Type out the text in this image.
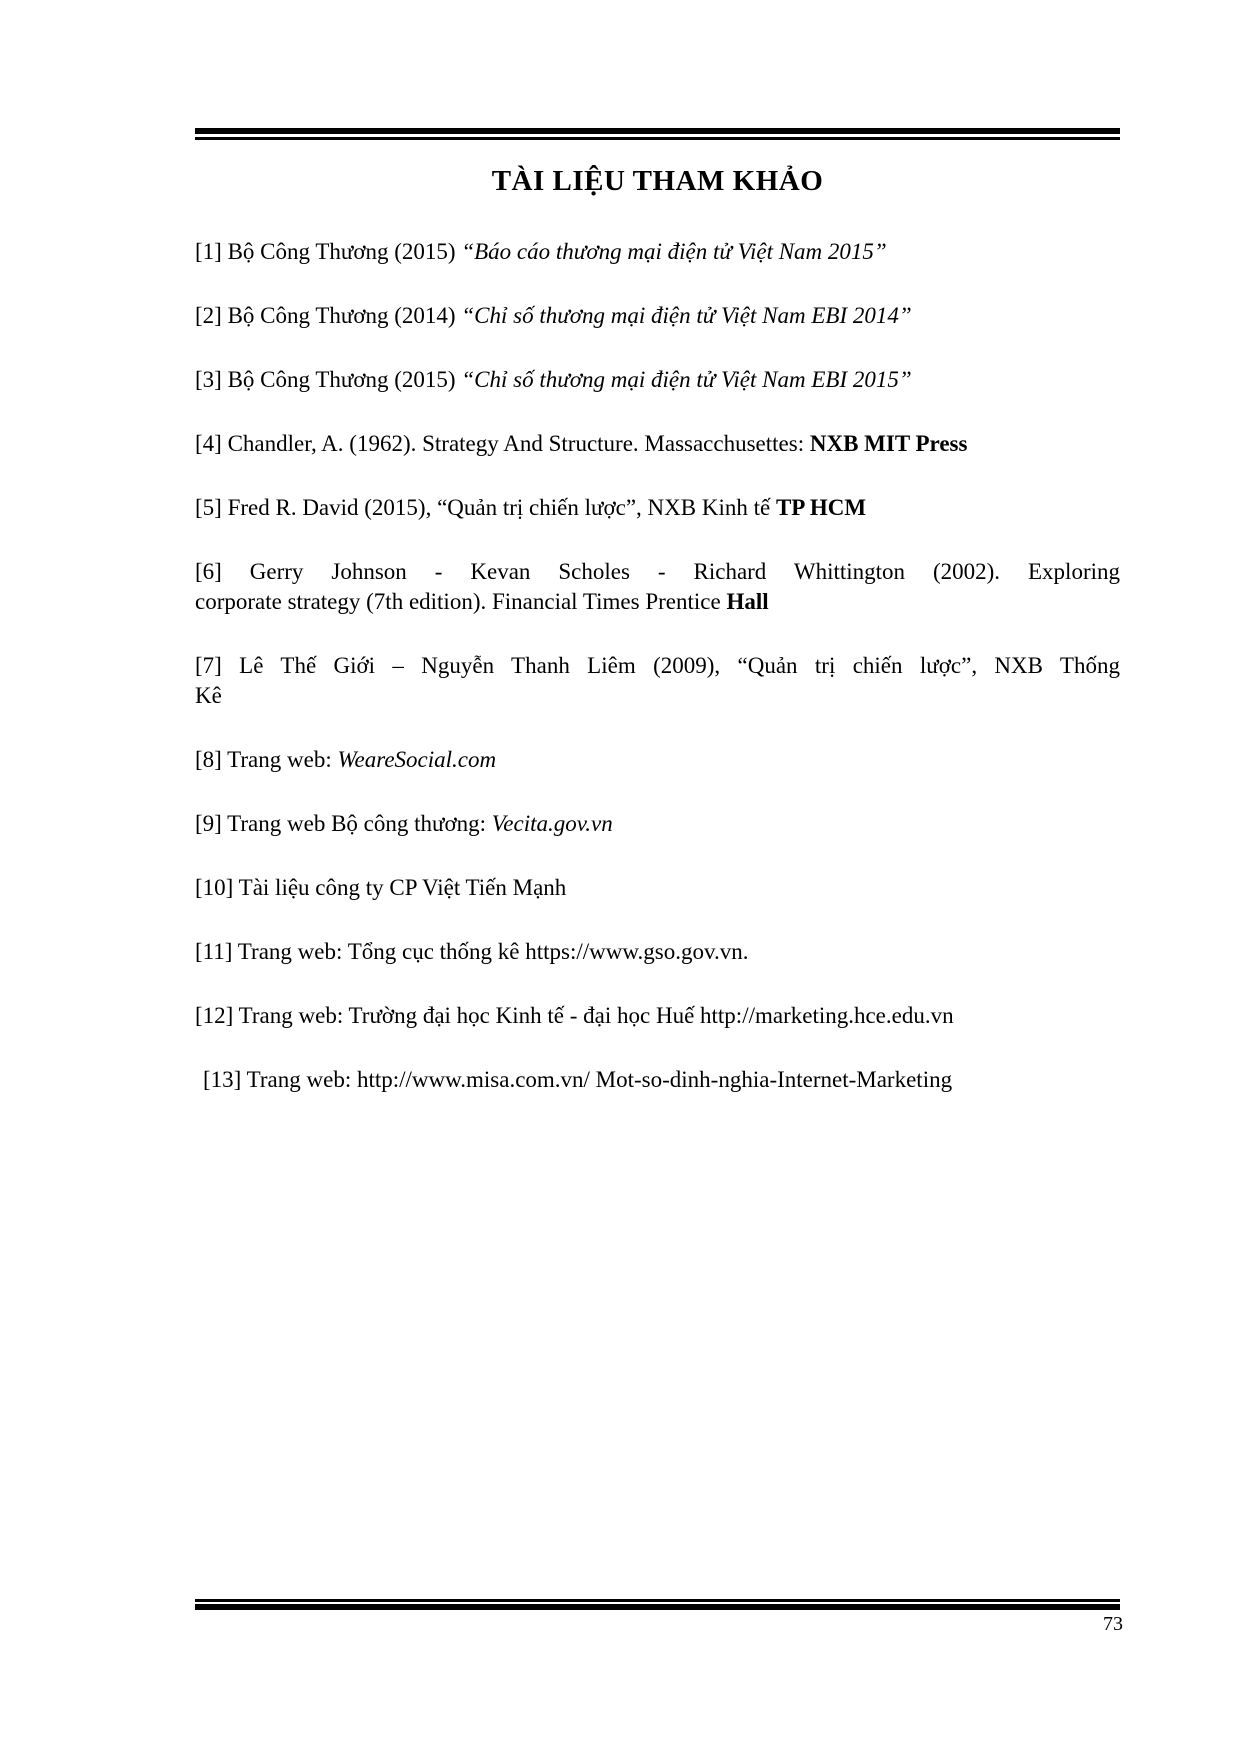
TÀI LIỆU THAM KHẢO
[1] Bộ Công Thương (2015) “Báo cáo thương mại điện tử Việt Nam 2015”
[2] Bộ Công Thương (2014) “Chỉ số thương mại điện tử Việt Nam EBI 2014”
[3] Bộ Công Thương (2015) “Chỉ số thương mại điện tử Việt Nam EBI 2015”
[4] Chandler, A. (1962). Strategy And Structure. Massacchusettes: NXB MIT Press
[5] Fred R. David (2015), “Quản trị chiến lược”, NXB Kinh tế TP HCM
[6] Gerry Johnson - Kevan Scholes - Richard Whittington (2002). Exploring
corporate strategy (7th edition). Financial Times Prentice Hall
[7] Lê Thế Giới – Nguyễn Thanh Liêm (2009), “Quản trị chiến lược”, NXB Thống
Kê
[8] Trang web: WeareSocial.com
[9] Trang web Bộ công thương: Vecita.gov.vn
[10] Tài liệu công ty CP Việt Tiến Mạnh
[11] Trang web: Tổng cục thống kê https://www.gso.gov.vn.
[12] Trang web: Trường đại học Kinh tế - đại học Huế http://marketing.hce.edu.vn
[13] Trang web: http://www.misa.com.vn/ Mot-so-dinh-nghia-Internet-Marketing
73
